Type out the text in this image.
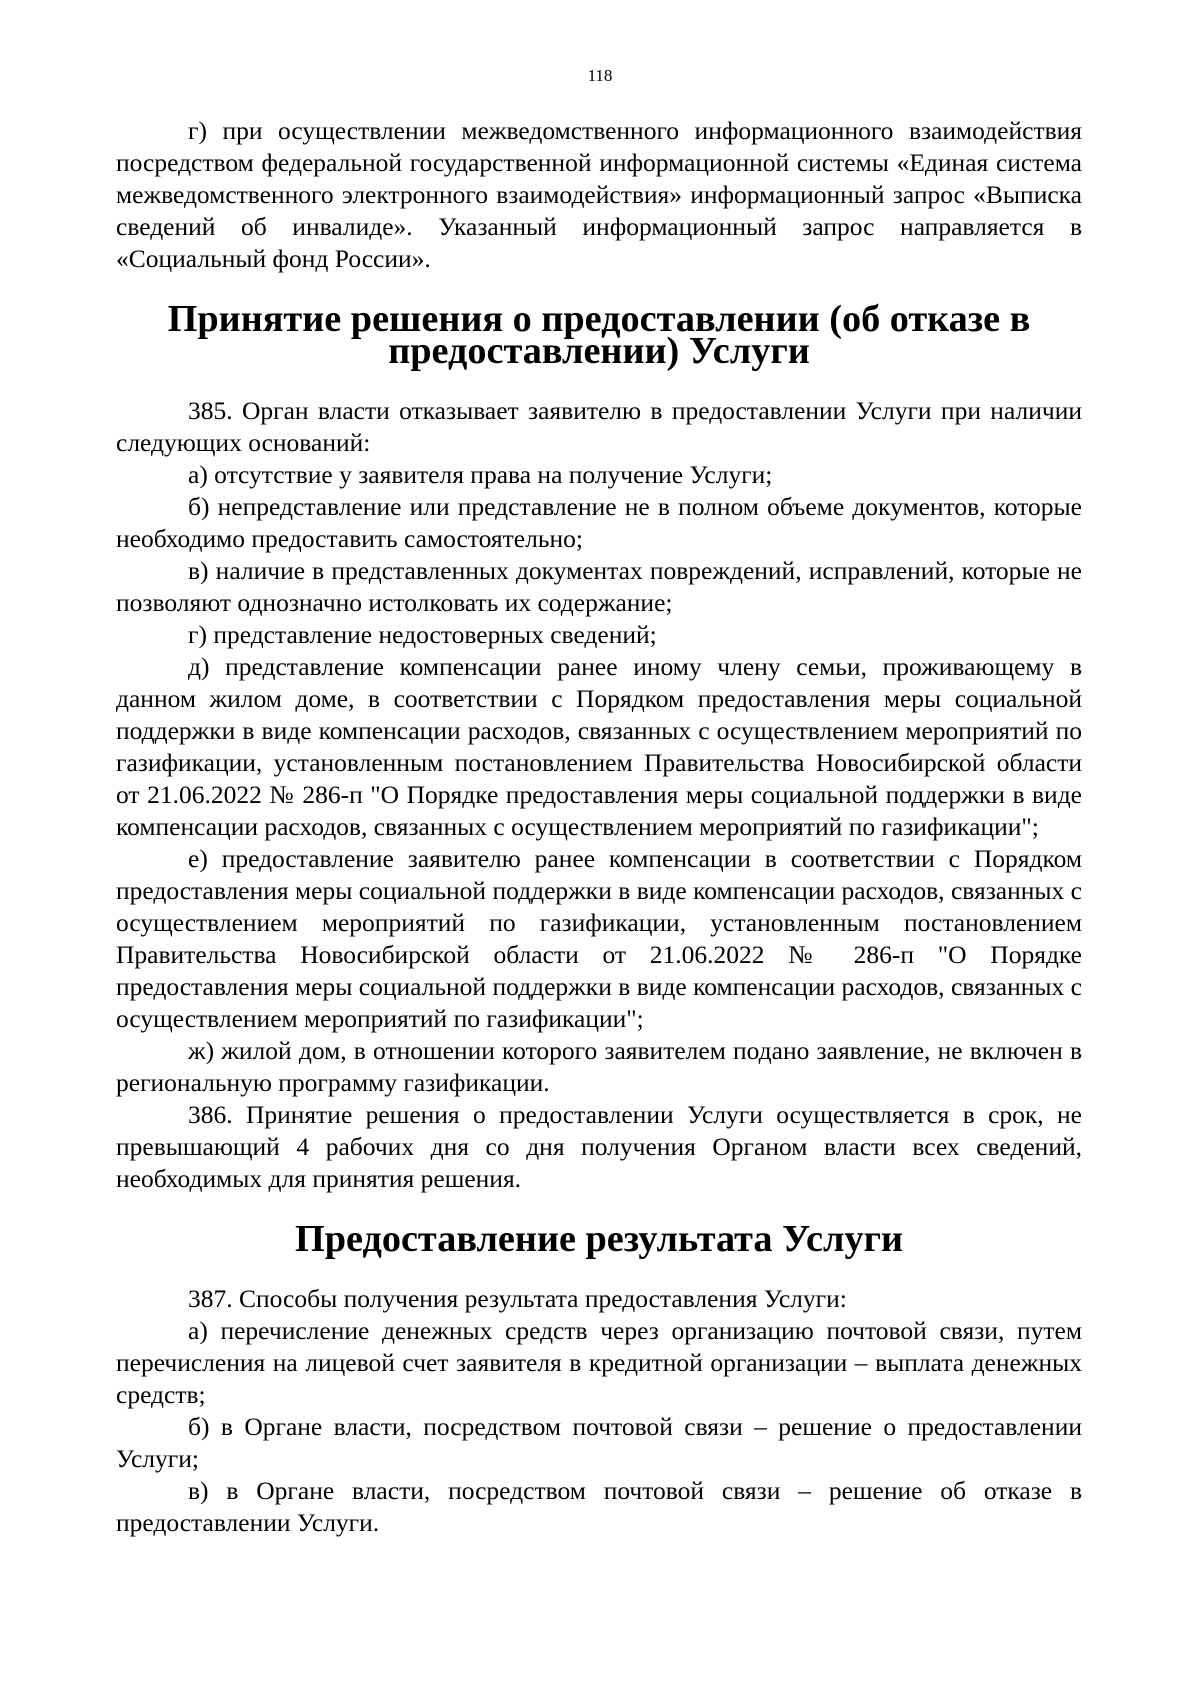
118

г) при осуществлении межведомственного информационного взаимодействия посредством федеральной государственной информационной системы «Единая система межведомственного электронного взаимодействия» информационный запрос «Выписка сведений об инвалиде». Указанный информационный запрос направляется в «Социальный фонд России».

Принятие решения о предоставлении (об отказе в предоставлении) Услуги

385. Орган власти отказывает заявителю в предоставлении Услуги при наличии следующих оснований:

а) отсутствие у заявителя права на получение Услуги;

б) непредставление или представление не в полном объеме документов, которые необходимо предоставить самостоятельно;

в) наличие в представленных документах повреждений, исправлений, которые не позволяют однозначно истолковать их содержание;

г) представление недостоверных сведений;

д) представление компенсации ранее иному члену семьи, проживающему в данном жилом доме, в соответствии с Порядком предоставления меры социальной поддержки в виде компенсации расходов, связанных с осуществлением мероприятий по газификации, установленным постановлением Правительства Новосибирской области от 21.06.2022 № 286-п "О Порядке предоставления меры социальной поддержки в виде компенсации расходов, связанных с осуществлением мероприятий по газификации";

е) предоставление заявителю ранее компенсации в соответствии с Порядком предоставления меры социальной поддержки в виде компенсации расходов, связанных с осуществлением мероприятий по газификации, установленным постановлением Правительства Новосибирской области от 21.06.2022 № 286-п "О Порядке предоставления меры социальной поддержки в виде компенсации расходов, связанных с осуществлением мероприятий по газификации";

ж) жилой дом, в отношении которого заявителем подано заявление, не включен в региональную программу газификации.

386. Принятие решения о предоставлении Услуги осуществляется в срок, не превышающий 4 рабочих дня со дня получения Органом власти всех сведений, необходимых для принятия решения.

Предоставление результата Услуги

387. Способы получения результата предоставления Услуги:

а) перечисление денежных средств через организацию почтовой связи, путем перечисления на лицевой счет заявителя в кредитной организации – выплата денежных средств;

б) в Органе власти, посредством почтовой связи – решение о предоставлении Услуги;

в) в Органе власти, посредством почтовой связи – решение об отказе в предоставлении Услуги.
